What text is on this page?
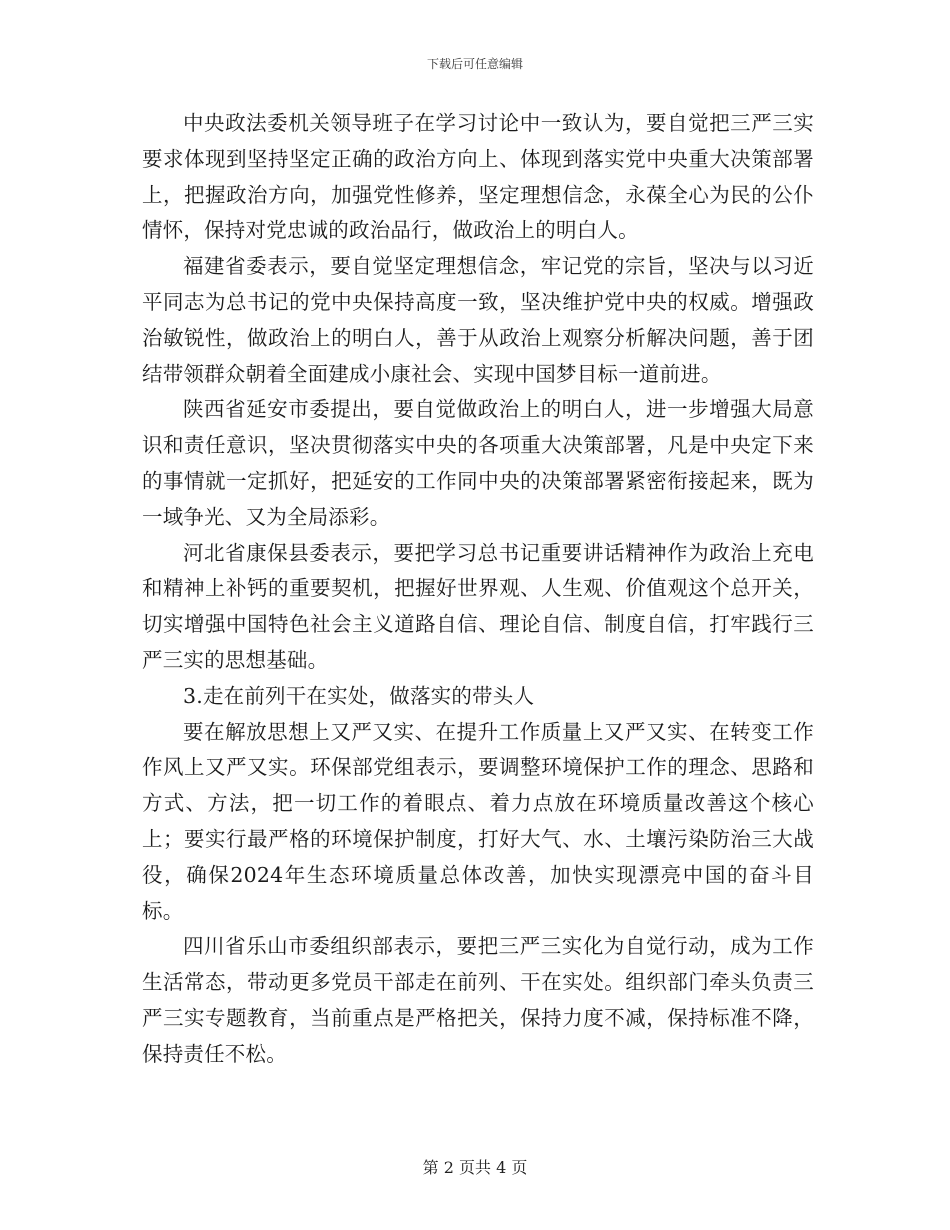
下载后可任意编辑

中央政法委机关领导班子在学习讨论中一致认为，要自觉把三严三实要求体现到坚持坚定正确的政治方向上、体现到落实党中央重大决策部署上，把握政治方向，加强党性修养，坚定理想信念，永葆全心为民的公仆情怀，保持对党忠诚的政治品行，做政治上的明白人。

福建省委表示，要自觉坚定理想信念，牢记党的宗旨，坚决与以习近平同志为总书记的党中央保持高度一致，坚决维护党中央的权威。增强政治敏锐性，做政治上的明白人，善于从政治上观察分析解决问题，善于团结带领群众朝着全面建成小康社会、实现中国梦目标一道前进。

陕西省延安市委提出，要自觉做政治上的明白人，进一步增强大局意识和责任意识，坚决贯彻落实中央的各项重大决策部署，凡是中央定下来的事情就一定抓好，把延安的工作同中央的决策部署紧密衔接起来，既为一域争光、又为全局添彩。

河北省康保县委表示，要把学习总书记重要讲话精神作为政治上充电和精神上补钙的重要契机，把握好世界观、人生观、价值观这个总开关，切实增强中国特色社会主义道路自信、理论自信、制度自信，打牢践行三严三实的思想基础。

3.走在前列干在实处，做落实的带头人

要在解放思想上又严又实、在提升工作质量上又严又实、在转变工作作风上又严又实。环保部党组表示，要调整环境保护工作的理念、思路和方式、方法，把一切工作的着眼点、着力点放在环境质量改善这个核心上；要实行最严格的环境保护制度，打好大气、水、土壤污染防治三大战役，确保2024年生态环境质量总体改善，加快实现漂亮中国的奋斗目标。

四川省乐山市委组织部表示，要把三严三实化为自觉行动，成为工作生活常态，带动更多党员干部走在前列、干在实处。组织部门牵头负责三严三实专题教育，当前重点是严格把关，保持力度不减，保持标准不降，保持责任不松。

第 2 页共 4 页
